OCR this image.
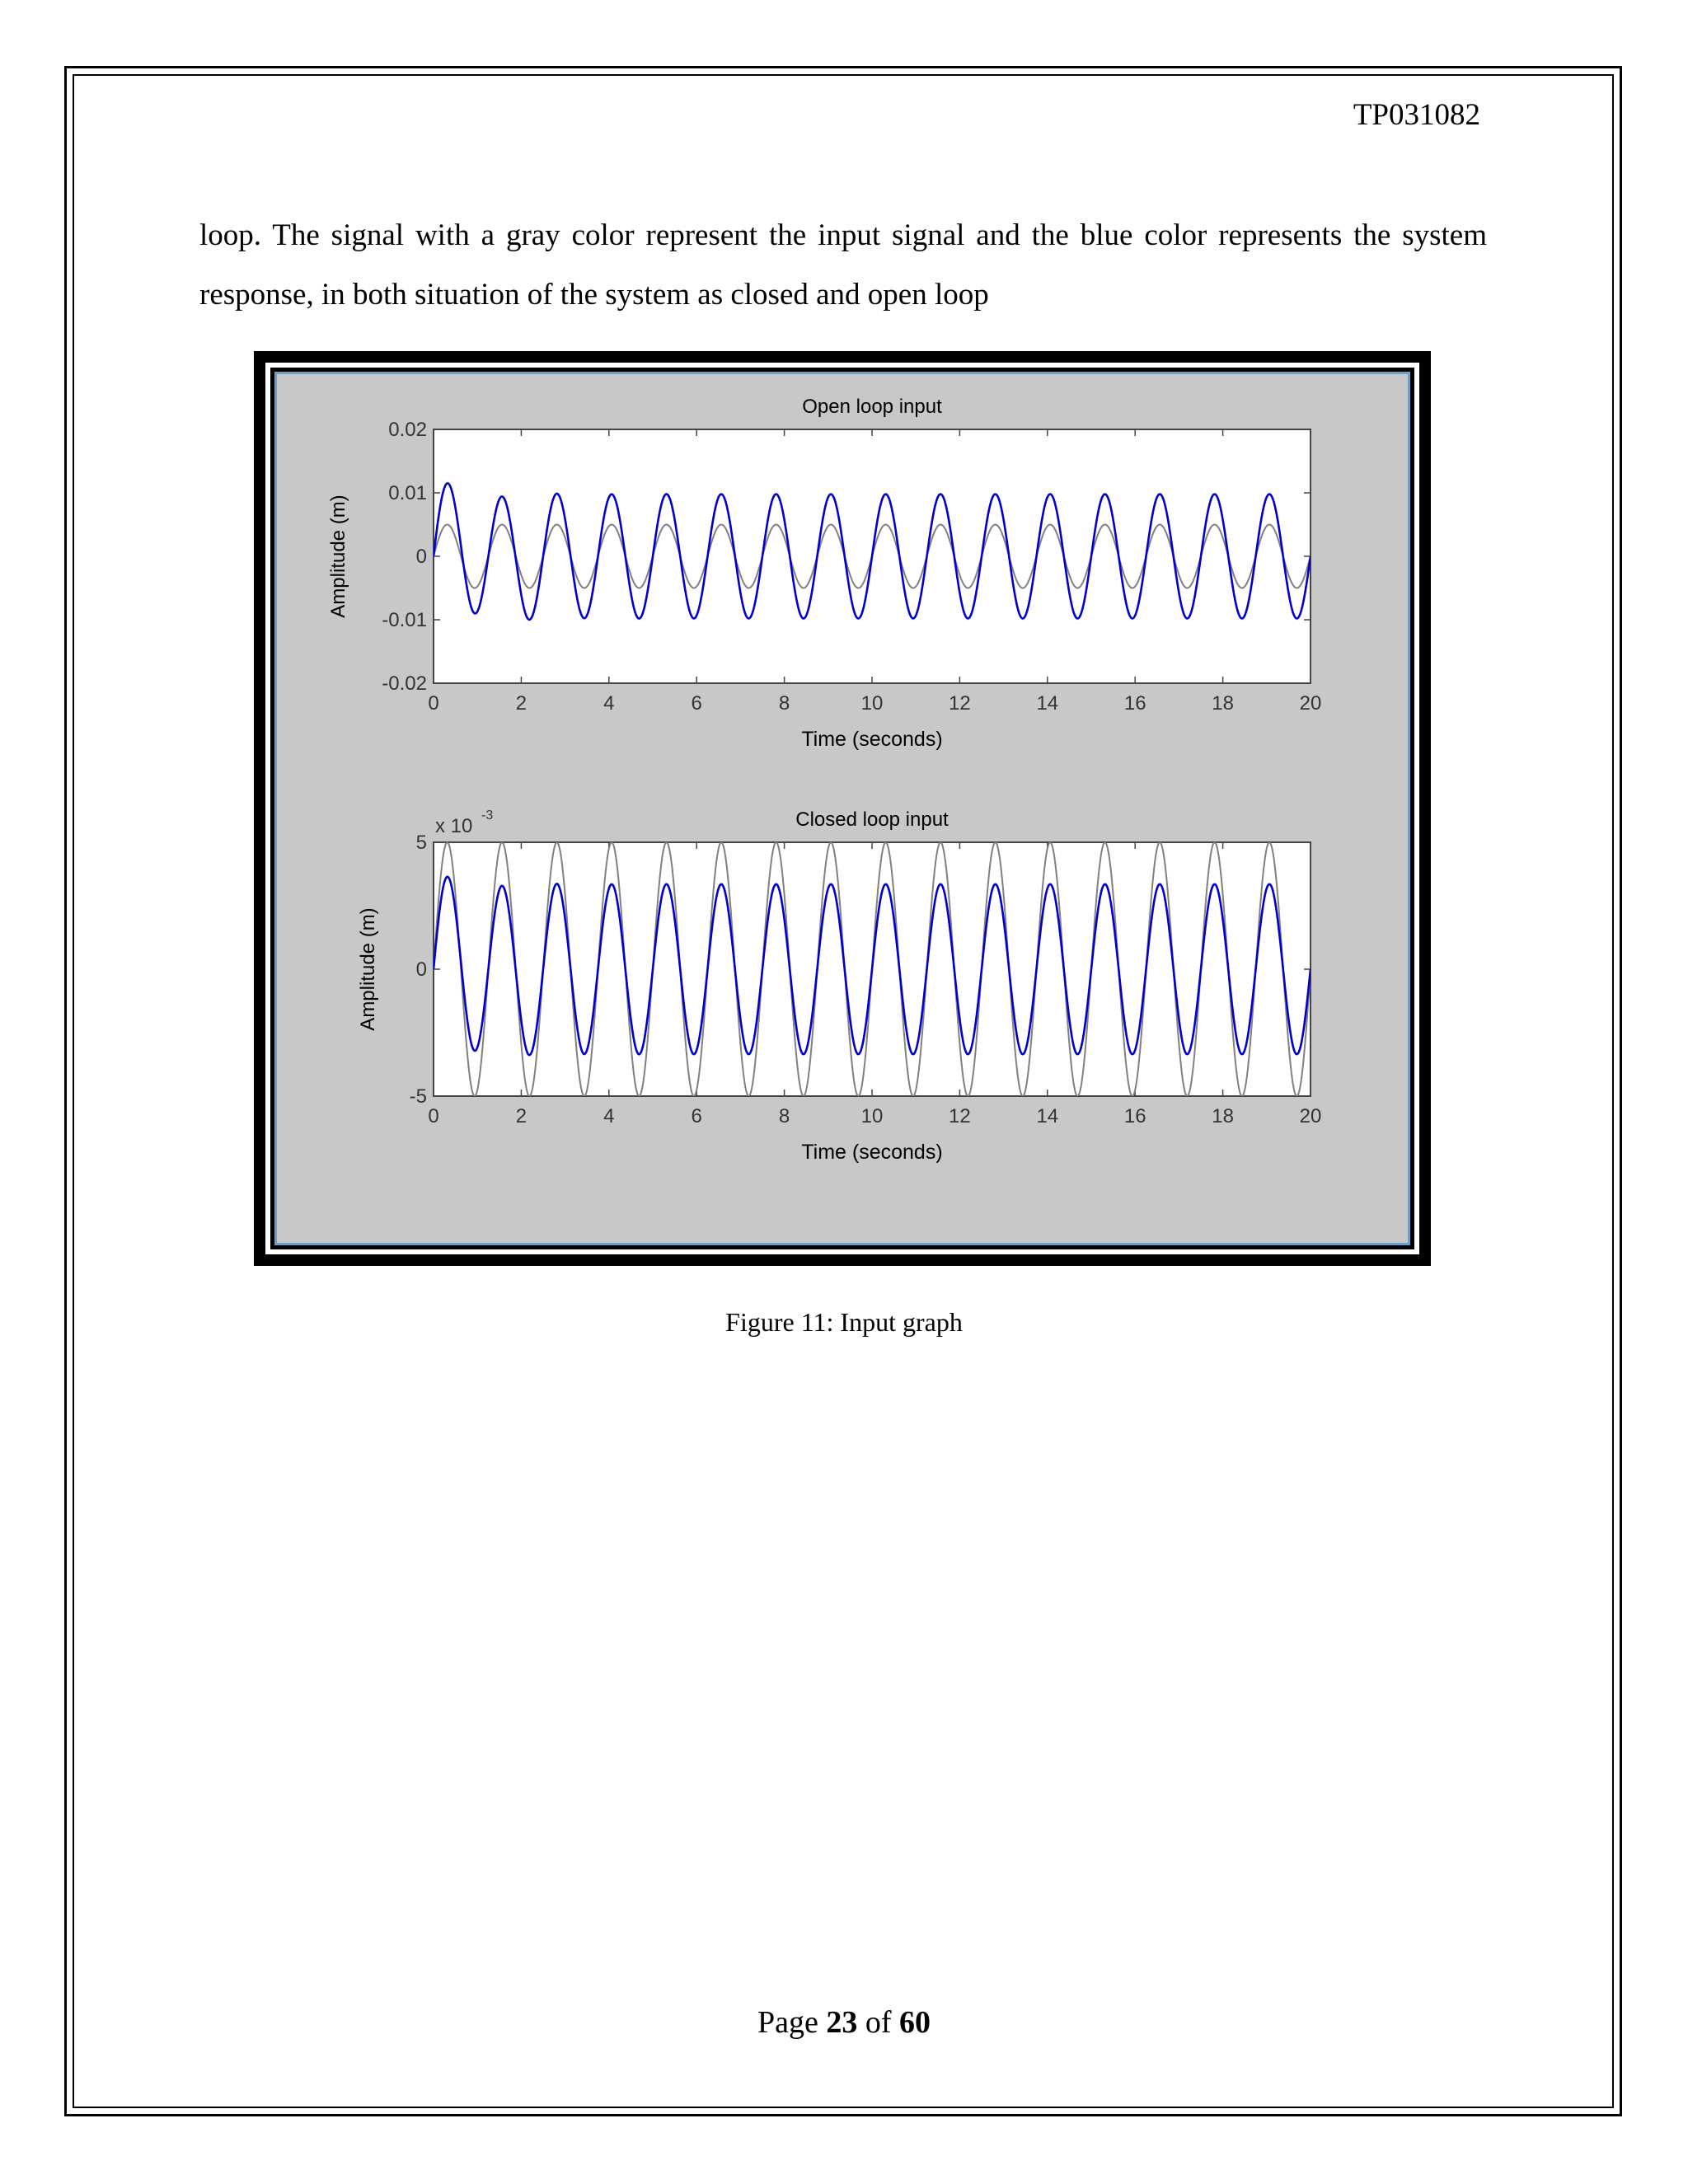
TP031082

loop. The signal with a gray color represent the input signal and the blue color represents the system response, in both situation of the system as closed and open loop

Open loop input
0	2	4	6	8	10	12	14	16	18	20
0.02
0.01
0
-0.01
-0.02
Time (seconds)
Amplitude (m)
Closed loop input
0	2	4	6	8	10	12	14	16	18	20
5
0
-5
x 10 -3
Time (seconds)
Amplitude (m)
Figure 11: Input graph
Page 23 of 60
